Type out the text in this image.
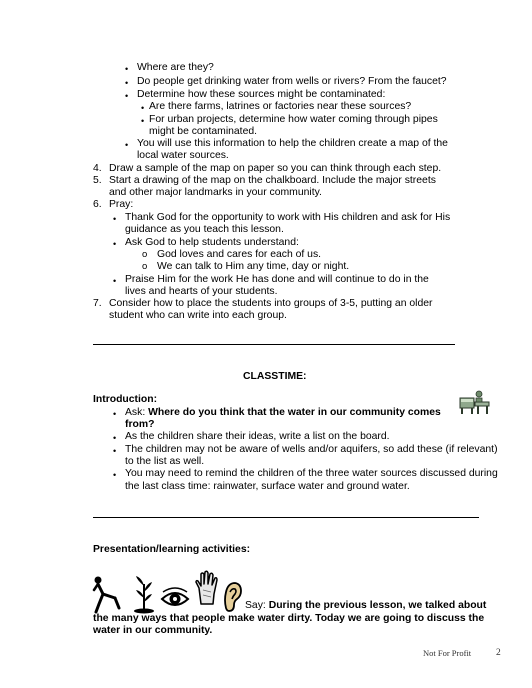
• Where are they?
• Do people get drinking water from wells or rivers? From the faucet?
• Determine how these sources might be contaminated:
• Are there farms, latrines or factories near these sources?
• For urban projects, determine how water coming through pipes
might be contaminated.
• You will use this information to help the children create a map of the
local water sources.
4. Draw a sample of the map on paper so you can think through each step.
5. Start a drawing of the map on the chalkboard. Include the major streets
and other major landmarks in your community.
6. Pray:
• Thank God for the opportunity to work with His children and ask for His
guidance as you teach this lesson.
• Ask God to help students understand:
o God loves and cares for each of us.
o We can talk to Him any time, day or night.
• Praise Him for the work He has done and will continue to do in the
lives and hearts of your students.
7. Consider how to place the students into groups of 3-5, putting an older
student who can write into each group.
CLASSTIME:
Introduction:
• Ask: Where do you think that the water in our community comes
from?
• As the children share their ideas, write a list on the board.
• The children may not be aware of wells and/or aquifers, so add these (if relevant)
to the list as well.
• You may need to remind the children of the three water sources discussed during
the last class time: rainwater, surface water and ground water.
Presentation/learning activities:
Say: During the previous lesson, we talked about
the many ways that people make water dirty. Today we are going to discuss the
water in our community.
Not For Profit	2
